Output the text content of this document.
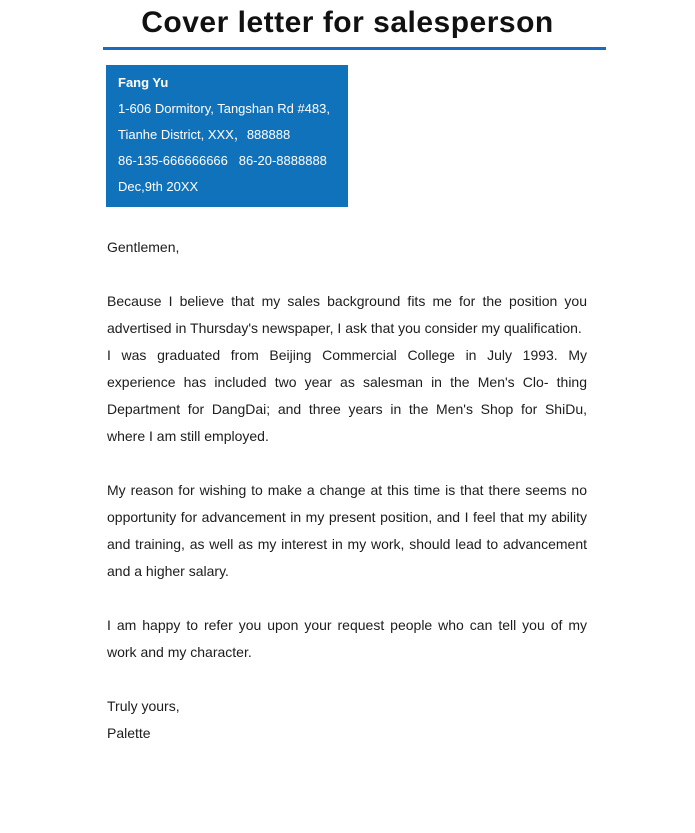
Cover letter for salesperson
Fang Yu
1-606 Dormitory, Tangshan Rd #483,
Tianhe District, XXX，888888
86-135-666666666   86-20-8888888
Dec,9th 20XX

Gentlemen,

Because I believe that my sales background fits me for the position you advertised in Thursday's newspaper, I ask that you consider my qualification.

I was graduated from Beijing Commercial College in July 1993. My experience has included two year as salesman in the Men's Clo- thing Department for DangDai; and three years in the Men's Shop for ShiDu, where I am still employed.

My reason for wishing to make a change at this time is that there seems no opportunity for advancement in my present position, and I feel that my ability and training, as well as my interest in my work, should lead to advancement and a higher salary.

I am happy to refer you upon your request people who can tell you of my work and my character.

Truly yours,

Palette
